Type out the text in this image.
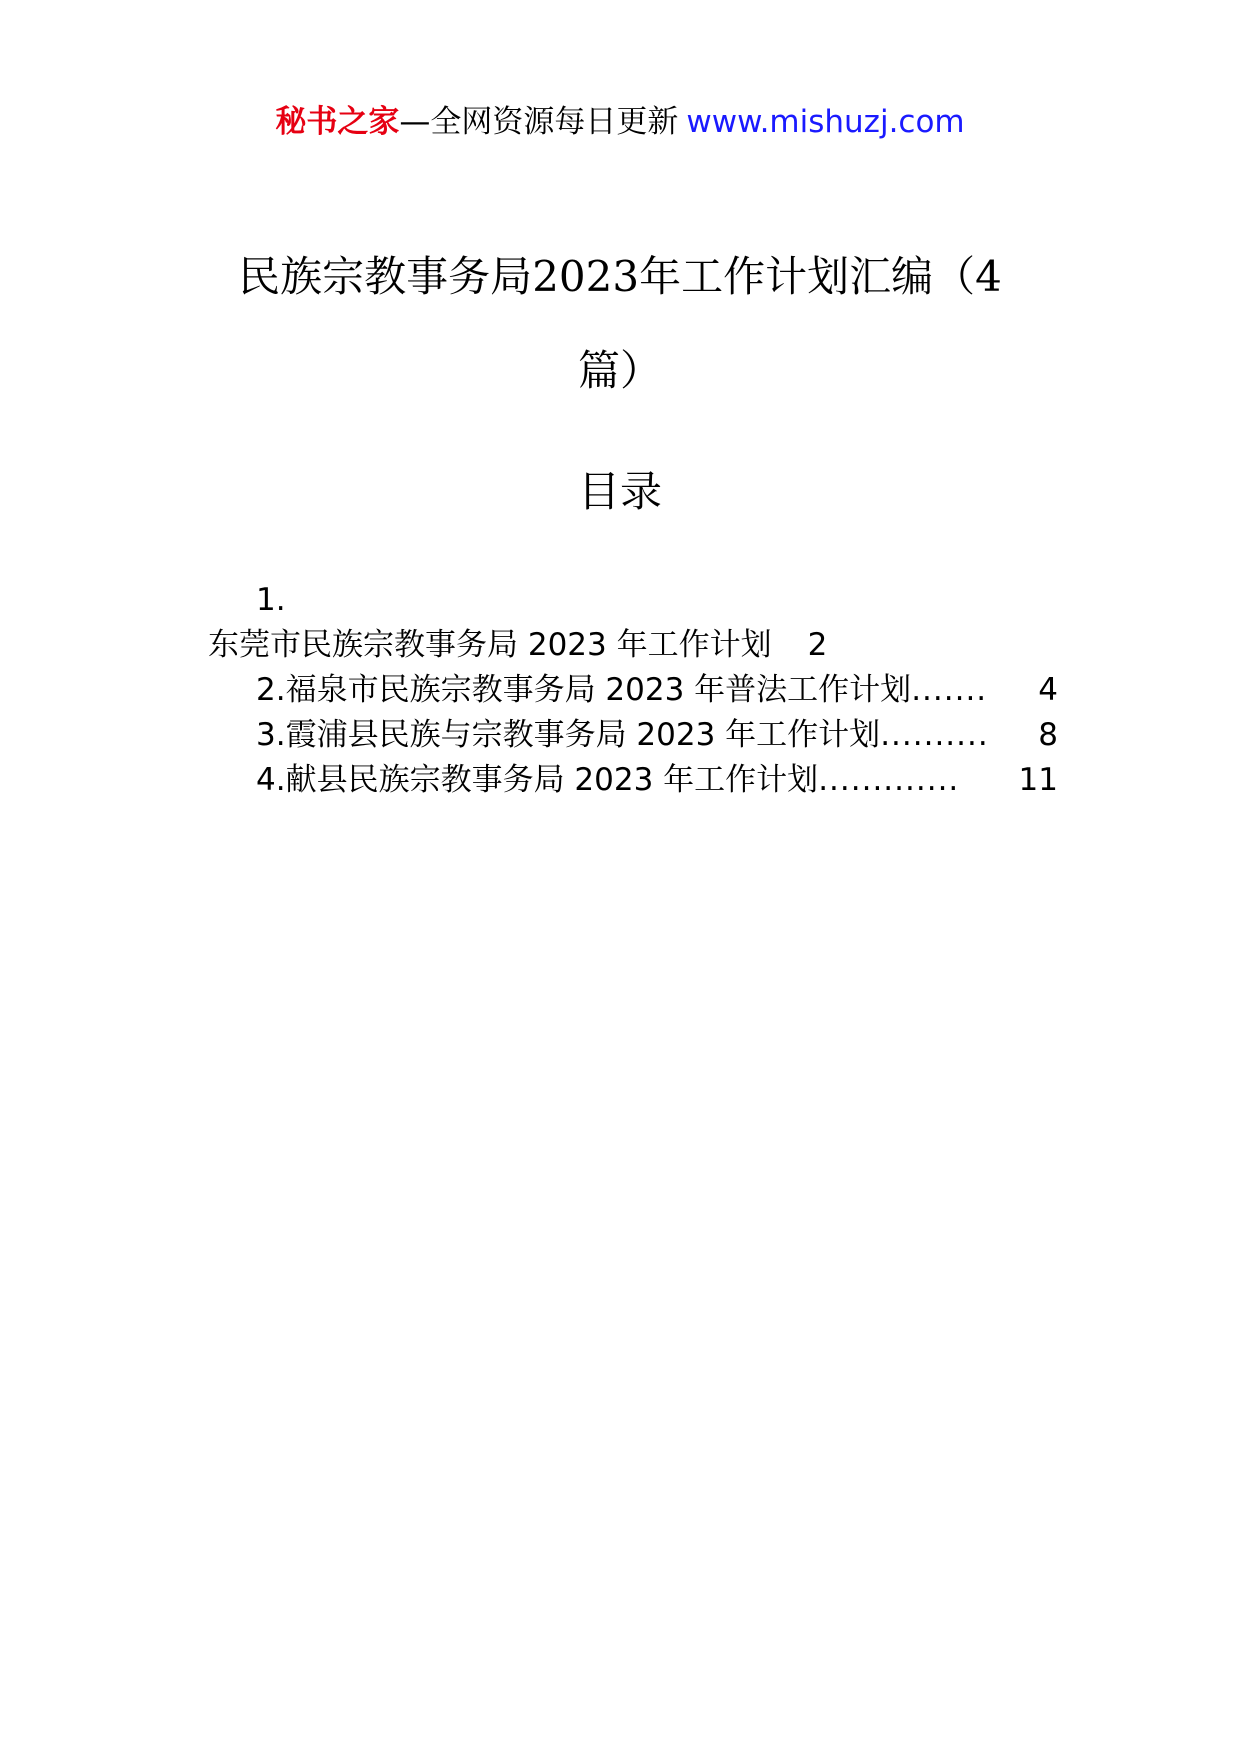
秘书之家—全网资源每日更新 www.mishuzj.com
民族宗教事务局2023年工作计划汇编（4
篇）
目录
1.
东莞市民族宗教事务局 2023 年工作计划 2
2. 福泉市民族宗教事务局 2023 年普法工作计划 .......	4
3. 霞浦县民族与宗教事务局 2023 年工作计划 ..........	8
4. 献县民族宗教事务局 2023 年工作计划 .............	11
